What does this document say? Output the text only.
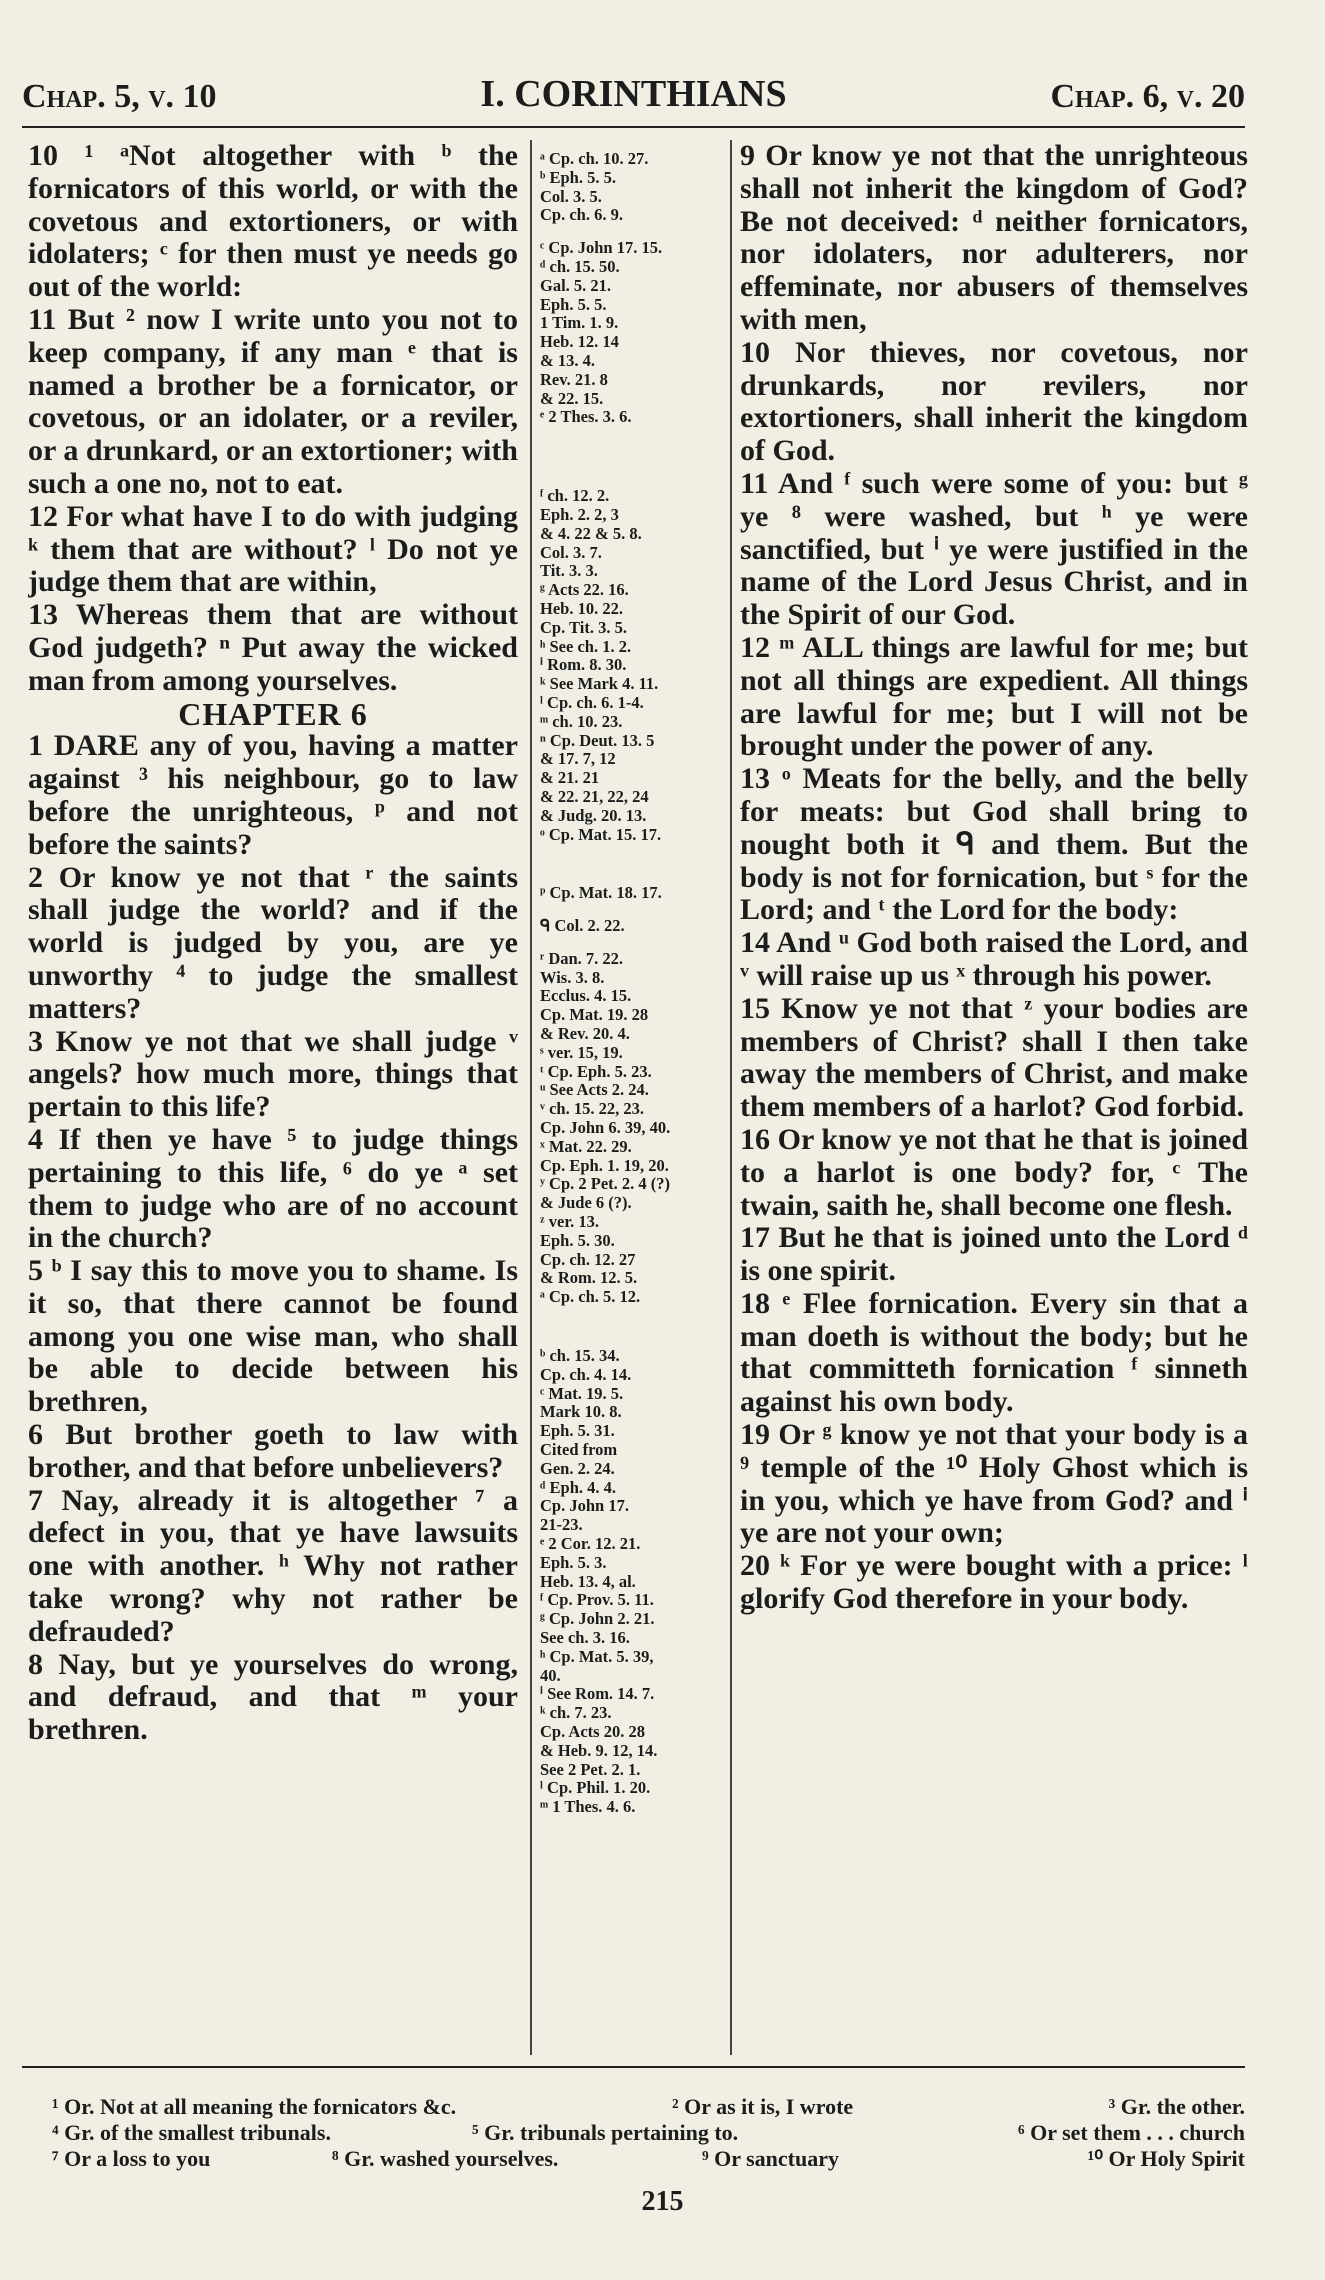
Chap. 5, v. 10	I. CORINTHIANS	Chap. 6, v. 20

10 ¹ ᵃNot altogether with ᵇ the fornicators of this world, or with the covetous and extortioners, or with idolaters; ᶜ for then must ye needs go out of the world:

11 But ² now I write unto you not to keep company, if any man ᵉ that is named a brother be a fornicator, or covetous, or an idolater, or a reviler, or a drunkard, or an extortioner; with such a one no, not to eat.

12 For what have I to do with judging ᵏ them that are without? ˡ Do not ye judge them that are within,

13 Whereas them that are without God judgeth? ⁿ Put away the wicked man from among yourselves.

CHAPTER 6

1 DARE any of you, having a matter against ³ his neighbour, go to law before the unrighteous, ᵖ and not before the saints?

2 Or know ye not that ʳ the saints shall judge the world? and if the world is judged by you, are ye unworthy ⁴ to judge the smallest matters?

3 Know ye not that we shall judge ᵛ angels? how much more, things that pertain to this life?

4 If then ye have ⁵ to judge things pertaining to this life, ⁶ do ye ᵃ set them to judge who are of no account in the church?

5 ᵇ I say this to move you to shame. Is it so, that there cannot be found among you one wise man, who shall be able to decide between his brethren,

6 But brother goeth to law with brother, and that before unbelievers?

7 Nay, already it is altogether ⁷ a defect in you, that ye have lawsuits one with another. ʰ Why not rather take wrong? why not rather be defrauded?

8 Nay, but ye yourselves do wrong, and defraud, and that ᵐ your brethren.

ᵃ Cp. ch. 10. 27.

ᵇ Eph. 5. 5.

Col. 3. 5.

Cp. ch. 6. 9.

ᶜ Cp. John 17. 15.

ᵈ ch. 15. 50.

Gal. 5. 21.

Eph. 5. 5.

1 Tim. 1. 9.

Heb. 12. 14

& 13. 4.

Rev. 21. 8

& 22. 15.

ᵉ 2 Thes. 3. 6.

ᶠ ch. 12. 2.

Eph. 2. 2, 3

& 4. 22 & 5. 8.

Col. 3. 7.

Tit. 3. 3.

ᵍ Acts 22. 16.

Heb. 10. 22.

Cp. Tit. 3. 5.

ʰ See ch. 1. 2.

ⁱ Rom. 8. 30.

ᵏ See Mark 4. 11.

ˡ Cp. ch. 6. 1-4.

ᵐ ch. 10. 23.

ⁿ Cp. Deut. 13. 5

& 17. 7, 12

& 21. 21

& 22. 21, 22, 24

& Judg. 20. 13.

ᵒ Cp. Mat. 15. 17.

ᵖ Cp. Mat. 18. 17.

ᑫ Col. 2. 22.

ʳ Dan. 7. 22.

Wis. 3. 8.

Ecclus. 4. 15.

Cp. Mat. 19. 28

& Rev. 20. 4.

ˢ ver. 15, 19.

ᵗ Cp. Eph. 5. 23.

ᵘ See Acts 2. 24.

ᵛ ch. 15. 22, 23.

Cp. John 6. 39, 40.

ˣ Mat. 22. 29.

Cp. Eph. 1. 19, 20.

ʸ Cp. 2 Pet. 2. 4 (?)

& Jude 6 (?).

ᶻ ver. 13.

Eph. 5. 30.

Cp. ch. 12. 27

& Rom. 12. 5.

ᵃ Cp. ch. 5. 12.

ᵇ ch. 15. 34.

Cp. ch. 4. 14.

ᶜ Mat. 19. 5.

Mark 10. 8.

Eph. 5. 31.

Cited from

Gen. 2. 24.

ᵈ Eph. 4. 4.

Cp. John 17.

21-23.

ᵉ 2 Cor. 12. 21.

Eph. 5. 3.

Heb. 13. 4, al.

ᶠ Cp. Prov. 5. 11.

ᵍ Cp. John 2. 21.

See ch. 3. 16.

ʰ Cp. Mat. 5. 39,

40.

ⁱ See Rom. 14. 7.

ᵏ ch. 7. 23.

Cp. Acts 20. 28

& Heb. 9. 12, 14.

See 2 Pet. 2. 1.

ˡ Cp. Phil. 1. 20.

ᵐ 1 Thes. 4. 6.

9 Or know ye not that the unrighteous shall not inherit the kingdom of God? Be not deceived: ᵈ neither fornicators, nor idolaters, nor adulterers, nor effeminate, nor abusers of themselves with men,

10 Nor thieves, nor covetous, nor drunkards, nor revilers, nor extortioners, shall inherit the kingdom of God.

11 And ᶠ such were some of you: but ᵍ ye ⁸ were washed, but ʰ ye were sanctified, but ⁱ ye were justified in the name of the Lord Jesus Christ, and in the Spirit of our God.

12 ᵐ ALL things are lawful for me; but not all things are expedient. All things are lawful for me; but I will not be brought under the power of any.

13 ᵒ Meats for the belly, and the belly for meats: but God shall bring to nought both it ᑫ and them. But the body is not for fornication, but ˢ for the Lord; and ᵗ the Lord for the body:

14 And ᵘ God both raised the Lord, and ᵛ will raise up us ˣ through his power.

15 Know ye not that ᶻ your bodies are members of Christ? shall I then take away the members of Christ, and make them members of a harlot? God forbid.

16 Or know ye not that he that is joined to a harlot is one body? for, ᶜ The twain, saith he, shall become one flesh.

17 But he that is joined unto the Lord ᵈ is one spirit.

18 ᵉ Flee fornication. Every sin that a man doeth is without the body; but he that committeth fornication ᶠ sinneth against his own body.

19 Or ᵍ know ye not that your body is a ⁹ temple of the ¹⁰ Holy Ghost which is in you, which ye have from God? and ⁱ ye are not your own;

20 ᵏ For ye were bought with a price: ˡ glorify God therefore in your body.

¹ Or. Not at all meaning the fornicators &c.	² Or as it is, I wrote	³ Gr. the other.
⁴ Gr. of the smallest tribunals.	⁵ Gr. tribunals pertaining to.	⁶ Or set them . . . church
⁷ Or a loss to you	⁸ Gr. washed yourselves.	⁹ Or sanctuary	¹⁰ Or Holy Spirit
215
